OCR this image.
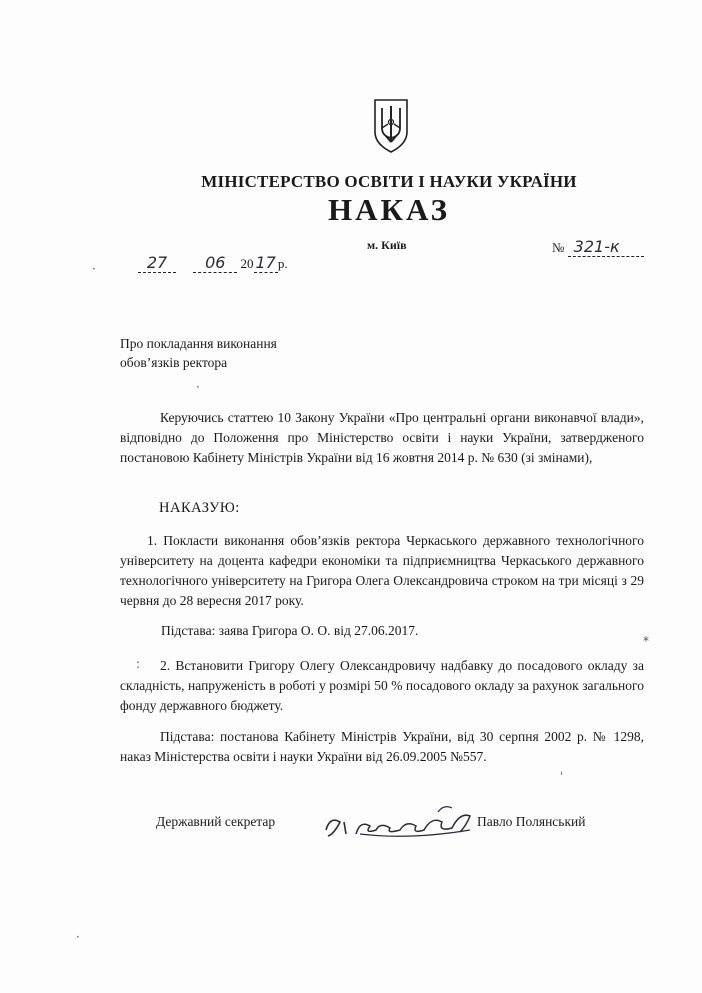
МІНІСТЕРСТВО ОСВІТИ І НАУКИ УКРАЇНИ
НАКАЗ
м. Київ
27 06 20 17 р.
№ 321-к
Про покладання виконання
обов’язків ректора
Керуючись статтею 10 Закону України «Про центральні органи виконавчої влади», відповідно до Положення про Міністерство освіти і науки України, затвердженого постановою Кабінету Міністрів України від 16 жовтня 2014 р. № 630 (зі змінами),
НАКАЗУЮ:
1. Покласти виконання обов’язків ректора Черкаського державного технологічного університету на доцента кафедри економіки та підприємництва Черкаського державного технологічного університету на Григора Олега Олександровича строком на три місяці з 29 червня до 28 вересня 2017 року.
Підстава: заява Григора О. О. від 27.06.2017.
2. Встановити Григору Олегу Олександровичу надбавку до посадового окладу за складність, напруженість в роботі у розмірі 50 % посадового окладу за рахунок загального фонду державного бюджету.
Підстава: постанова Кабінету Міністрів України, від 30 серпня 2002 р. № 1298, наказ Міністерства освіти і науки України від 26.09.2005 №557.
Державний секретар	Павло Полянський
·
·
*
:
ˌ
·
